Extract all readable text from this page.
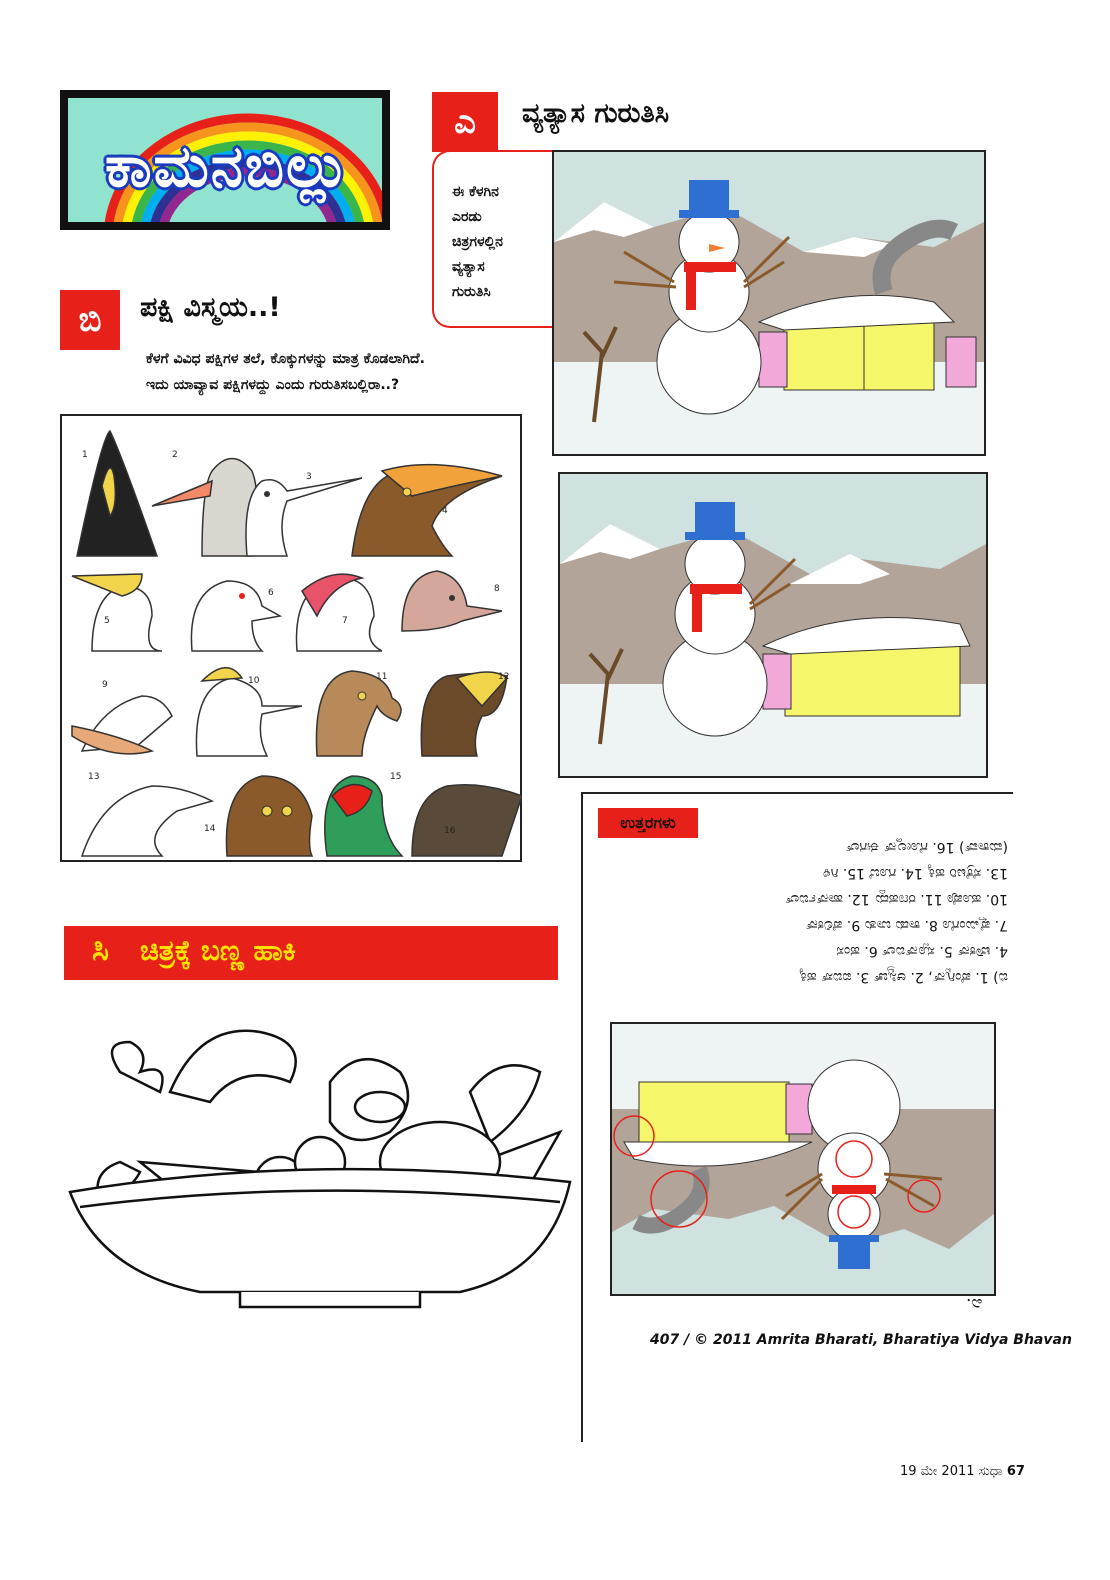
ಕಾಮನಬಿಲ್ಲು
ಎ	ವ್ಯತ್ಯಾಸ ಗುರುತಿಸಿ
ಈ ಕೆಳಗಿನ
ಎರಡು
ಚಿತ್ರಗಳಲ್ಲಿನ
ವ್ಯತ್ಯಾಸ
ಗುರುತಿಸಿ
ಬಿ	ಪಕ್ಷಿ ವಿಸ್ಮಯ..!
ಕೆಳಗೆ ವಿವಿಧ ಪಕ್ಷಿಗಳ ತಲೆ, ಕೊಕ್ಕುಗಳನ್ನು ಮಾತ್ರ ಕೊಡಲಾಗಿದೆ.
ಇದು ಯಾವ್ಯಾವ ಪಕ್ಷಿಗಳದ್ದು ಎಂದು ಗುರುತಿಸಬಲ್ಲಿರಾ..?
1	2
3
4
5
6
7
8
9	10	11	12
13
14
15
16
ಸಿ ಚಿತ್ರಕ್ಕೆ ಬಣ್ಣ ಹಾಕಿ
ಉತ್ತರಗಳು
ಬಿ) 1. ಪೆಂಗ್ವಿನ್, 2. ಆಸ್ಟ್ರಿಚ್ 3. ಐಬಿಸ್ ಹಕ್ಕಿ
4. ಟೌಕನ್ 5. ಸ್ಪೂನ್‌ಬಿಲ್ 6. ಹಂಸ
7. ಫ್ಲೆಮಿಂಗೊ 8. ಕಾಡು ಬಾತು 9. ಪೆಲಿಕನ್
10. ಹೂಪೊ 11. ರಣಹದ್ದು 12. ಹಾರ್ನ್‌ಬಿಲ್
13. ಸೆಕ್ರೆಟರಿ ಹಕ್ಕಿ 14. ಗೂಬೆ 15. ಗಿಳಿ
(ಮಕಾವ್) 16. ಗೋಲ್ಡನ್ ಈಗಲ್
ಎ.
407 / © 2011 Amrita Bharati, Bharatiya Vidya Bhavan
19 ಮೇ 2011 ಸುಧಾ 67
